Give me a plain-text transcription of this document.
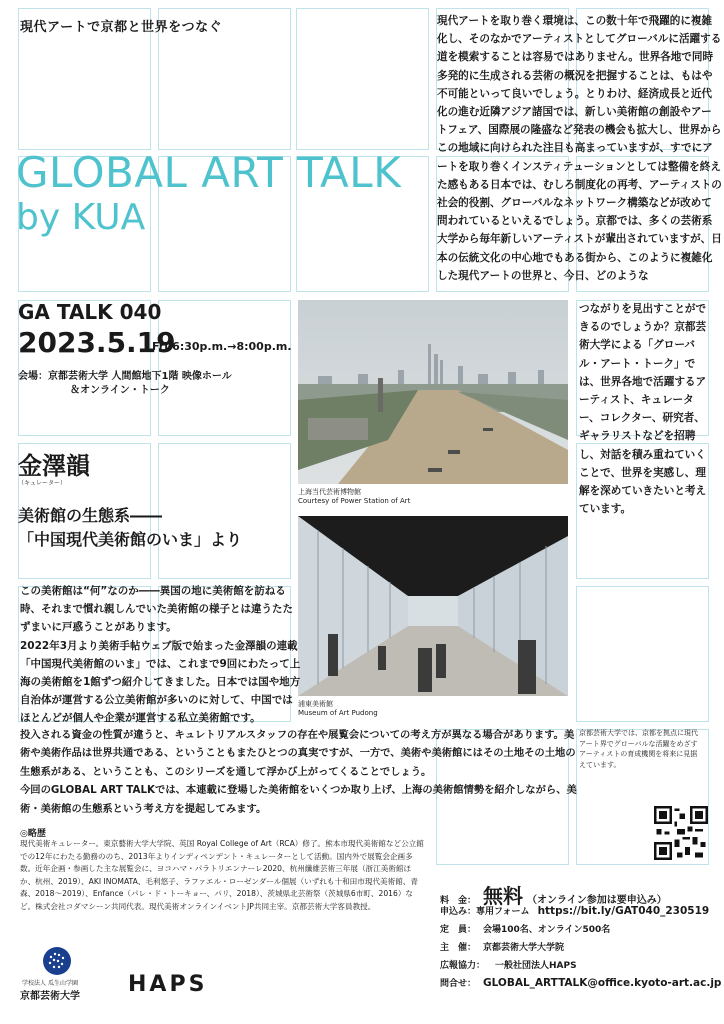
現代アートで京都と世界をつなぐ
GLOBAL ART TALK
by KUA
現代アートを取り巻く環境は、この数十年で飛躍的に複雑化し、そのなかでアーティストとしてグローバルに活躍する道を模索することは容易ではありません。世界各地で同時多発的に生成される芸術の概況を把握することは、もはや不可能といって良いでしょう。とりわけ、経済成長と近代化の進む近隣アジア諸国では、新しい美術館の創設やアートフェア、国際展の隆盛など発表の機会も拡大し、世界からこの地域に向けられた注目も高まっていますが、すでにアートを取り巻くインスティテューションとしては整備を終えた感もある日本では、むしろ制度化の再考、アーティストの社会的役割、グローバルなネットワーク構築などが改めて問われているといえるでしょう。京都では、多くの芸術系大学から毎年新しいアーティストが輩出されていますが、日本の伝統文化の中心地でもある街から、このように複雑化した現代アートの世界と、今日、どのような
つながりを見出すことができるのでしょうか？京都芸術大学による「グローバル・アート・トーク」では、世界各地で活躍するアーティスト、キュレーター、コレクター、研究者、ギャラリストなどを招聘し、対話を積み重ねていくことで、世界を実感し、理解を深めていきたいと考えています。
GA TALK 040
2023.5.19
Fri.6:30p.m.→8:00p.m.
会場：京都芸術大学 人間館地下1階 映像ホール
＆オンライン・トーク
金澤韻
（キュレーター）
美術館の生態系――
「中国現代美術館のいま」より
上海当代芸術博物館
Courtesy of Power Station of Art
浦東美術館
Museum of Art Pudong
この美術館は“何”なのか――異国の地に美術館を訪ねる時、それまで慣れ親しんでいた美術館の様子とは違うたたずまいに戸惑うことがあります。
2022年3月より美術手帖ウェブ版で始まった金澤韻の連載「中国現代美術館のいま」では、これまで9回にわたって上海の美術館を1館ずつ紹介してきました。日本では国や地方自治体が運営する公立美術館が多いのに対して、中国ではほとんどが個人や企業が運営する私立美術館です。
投入される資金の性質が違うと、キュレトリアルスタッフの存在や展覧会についての考え方が異なる場合があります。美術や美術作品は世界共通である、ということもまたひとつの真実ですが、一方で、美術や美術館にはその土地その土地の生態系がある、ということも、このシリーズを通して浮かび上がってくることでしょう。
今回のGLOBAL ART TALKでは、本連載に登場した美術館をいくつか取り上げ、上海の美術館情勢を紹介しながら、美術・美術館の生態系という考え方を提起してみます。
◎略歴
現代美術キュレーター。東京藝術大学大学院、英国 Royal College of Art（RCA）修了。熊本市現代美術館など公立館での12年にわたる勤務ののち、2013年よりインディペンデント・キュレーターとして活動。国内外で展覧会企画多数。近年企画・参画した主な展覧会に、ヨコハマ・パラトリエンナーレ2020、杭州纖維芸術三年展（浙江美術館ほか、杭州、2019）、AKI INOMATA、毛利悠子、ラファエル・ローゼンダール個展（いずれも十和田市現代美術館、青森、2018～2019）、Enfance（パレ・ド・トーキョー、パリ、2018）、茨城県北芸術祭（茨城県6市町、2016）など。株式会社コダマシーン共同代表。現代美術オンラインイベントJP共同主宰。京都芸術大学客員教授。
京都芸術大学では、京都を拠点に現代アート界でグローバルな活躍をめざすアーティストの育成機関を将来に見据えています。
料　金： 無料 （オンライン参加は要申込み）
申込み：専用フォーム https://bit.ly/GAT040_230519
定　員： 会場100名、オンライン500名
主　催： 京都芸術大学大学院
広報協力：	一般社団法人HAPS
問合せ： GLOBAL_ARTTALK@office.kyoto-art.ac.jp
学校法人 瓜生山学園
京都芸術大学 HAPS
